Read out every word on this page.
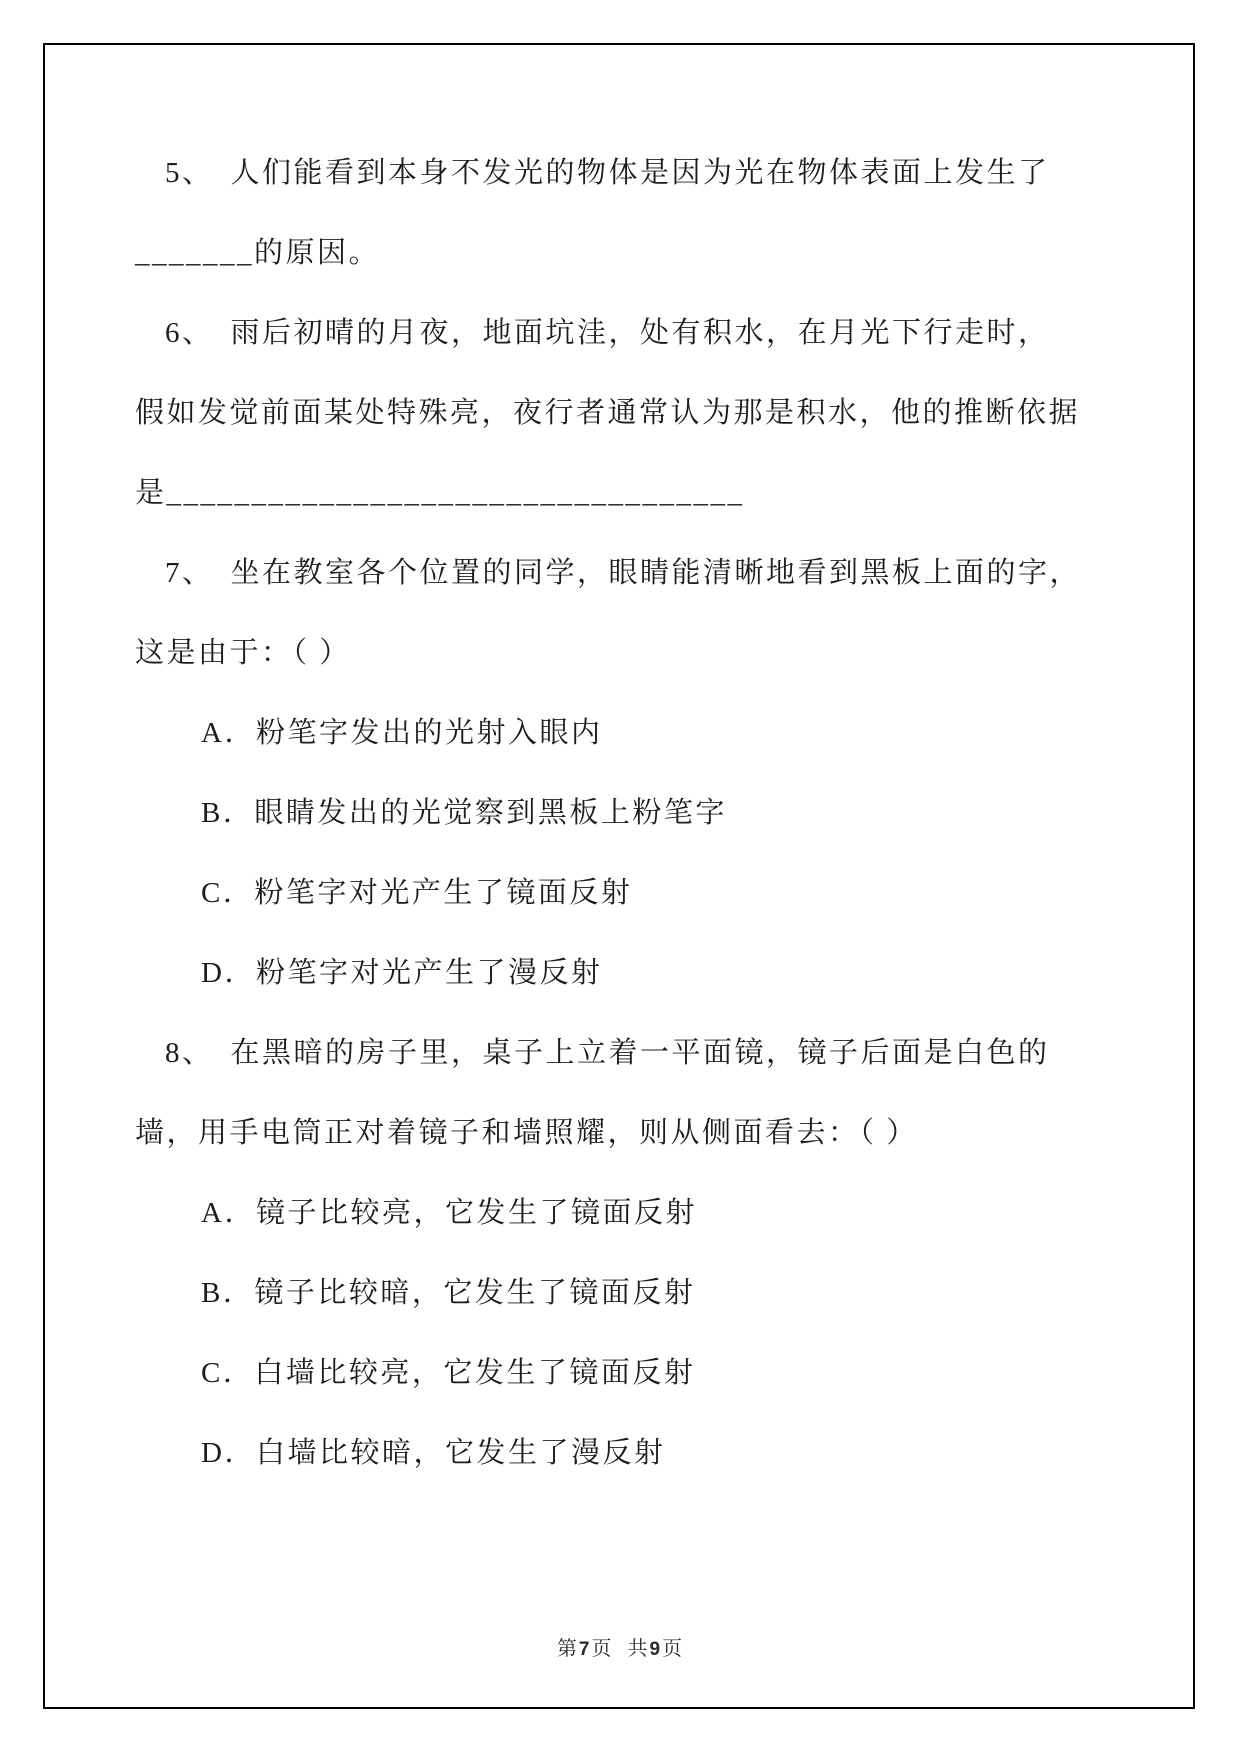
5、　人们能看到本身不发光的物体是因为光在物体表面上发生了

_______的原因。

6、　雨后初晴的月夜，地面坑洼，处有积水，在月光下行走时，

假如发觉前面某处特殊亮，夜行者通常认为那是积水，他的推断依据

是__________________________________

7、　坐在教室各个位置的同学，眼睛能清晰地看到黑板上面的字，

这是由于：（ ）

A．粉笔字发出的光射入眼内

B．眼睛发出的光觉察到黑板上粉笔字

C．粉笔字对光产生了镜面反射

D．粉笔字对光产生了漫反射

8、　在黑暗的房子里，桌子上立着一平面镜，镜子后面是白色的

墙，用手电筒正对着镜子和墙照耀，则从侧面看去：（ ）

A．镜子比较亮，它发生了镜面反射

B．镜子比较暗，它发生了镜面反射

C．白墙比较亮，它发生了镜面反射

D．白墙比较暗，它发生了漫反射

第7页  共9页
